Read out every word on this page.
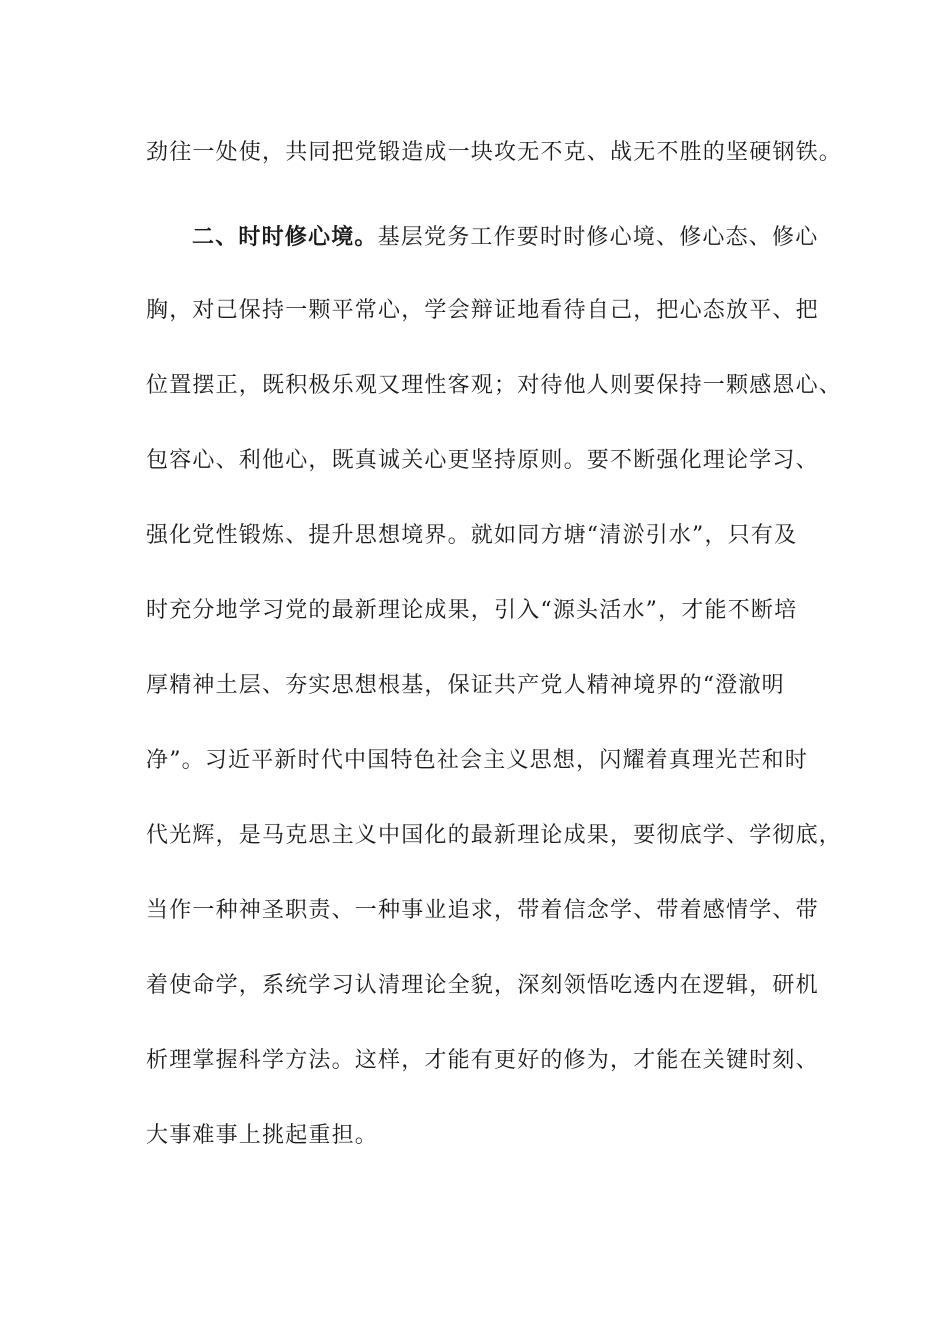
劲往一处使，共同把党锻造成一块攻无不克、战无不胜的坚硬钢铁。
二、时时修心境。基层党务工作要时时修心境、修心态、修心
胸，对己保持一颗平常心，学会辩证地看待自己，把心态放平、把
位置摆正，既积极乐观又理性客观；对待他人则要保持一颗感恩心、
包容心、利他心，既真诚关心更坚持原则。要不断强化理论学习、
强化党性锻炼、提升思想境界。就如同方塘“清淤引水”，只有及
时充分地学习党的最新理论成果，引入“源头活水”，才能不断培
厚精神土层、夯实思想根基，保证共产党人精神境界的“澄澈明
净”。习近平新时代中国特色社会主义思想，闪耀着真理光芒和时
代光辉，是马克思主义中国化的最新理论成果，要彻底学、学彻底，
当作一种神圣职责、一种事业追求，带着信念学、带着感情学、带
着使命学，系统学习认清理论全貌，深刻领悟吃透内在逻辑，研机
析理掌握科学方法。这样，才能有更好的修为，才能在关键时刻、
大事难事上挑起重担。
